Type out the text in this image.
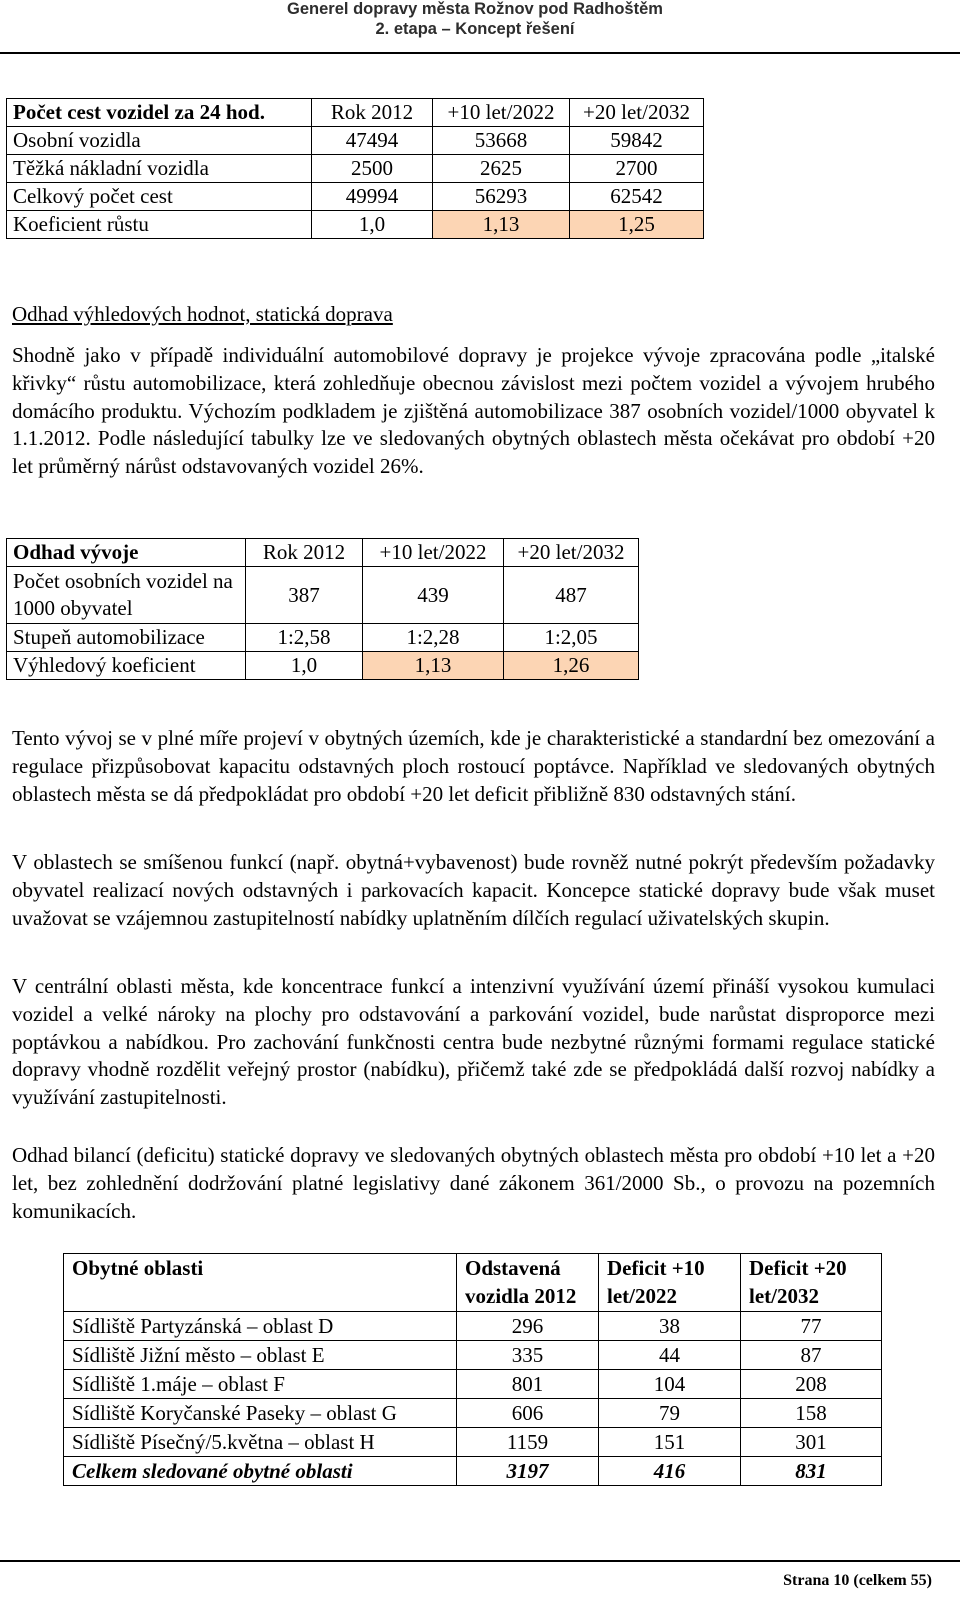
Generel dopravy města Rožnov pod Radhoštěm
2. etapa – Koncept řešení
Počet cest vozidel za 24 hod.	Rok 2012	+10 let/2022	+20 let/2032
Osobní vozidla	47494	53668	59842
Těžká nákladní vozidla	2500	2625	2700
Celkový počet cest	49994	56293	62542
Koeficient růstu	1,0	1,13	1,25
Odhad výhledových hodnot, statická doprava

Shodně jako v případě individuální automobilové dopravy je projekce vývoje zpracována podle „italské křivky“ růstu automobilizace, která zohledňuje obecnou závislost mezi počtem vozidel a vývojem hrubého domácího produktu. Výchozím podkladem je zjištěná automobilizace 387 osobních vozidel/1000 obyvatel k 1.1.2012. Podle následující tabulky lze ve sledovaných obytných oblastech města očekávat pro období +20 let průměrný nárůst odstavovaných vozidel 26%.

Odhad vývoje	Rok 2012	+10 let/2022	+20 let/2032
Počet osobních vozidel na 1000 obyvatel	387	439	487
Stupeň automobilizace	1:2,58	1:2,28	1:2,05
Výhledový koeficient	1,0	1,13	1,26

Tento vývoj se v plné míře projeví v obytných územích, kde je charakteristické a standardní bez omezování a regulace přizpůsobovat kapacitu odstavných ploch rostoucí poptávce. Například ve sledovaných obytných oblastech města se dá předpokládat pro období +20 let deficit přibližně 830 odstavných stání.

V oblastech se smíšenou funkcí (např. obytná+vybavenost) bude rovněž nutné pokrýt především požadavky obyvatel realizací nových odstavných i parkovacích kapacit. Koncepce statické dopravy bude však muset uvažovat se vzájemnou zastupitelností nabídky uplatněním dílčích regulací uživatelských skupin.

V centrální oblasti města, kde koncentrace funkcí a intenzivní využívání území přináší vysokou kumulaci vozidel a velké nároky na plochy pro odstavování a parkování vozidel, bude narůstat disproporce mezi poptávkou a nabídkou. Pro zachování funkčnosti centra bude nezbytné různými formami regulace statické dopravy vhodně rozdělit veřejný prostor (nabídku), přičemž také zde se předpokládá další rozvoj nabídky a využívání zastupitelnosti.

Odhad bilancí (deficitu) statické dopravy ve sledovaných obytných oblastech města pro období +10 let a +20 let, bez zohlednění dodržování platné legislativy dané zákonem 361/2000 Sb., o provozu na pozemních komunikacích.

Obytné oblasti	Odstavená vozidla 2012	Deficit +10 let/2022	Deficit +20 let/2032
Sídliště Partyzánská – oblast D	296	38	77
Sídliště Jižní město – oblast E	335	44	87
Sídliště 1.máje – oblast F	801	104	208
Sídliště Koryčanské Paseky – oblast G	606	79	158
Sídliště Písečný/5.května – oblast H	1159	151	301
Celkem sledované obytné oblasti	3197	416	831
Strana 10 (celkem 55)
